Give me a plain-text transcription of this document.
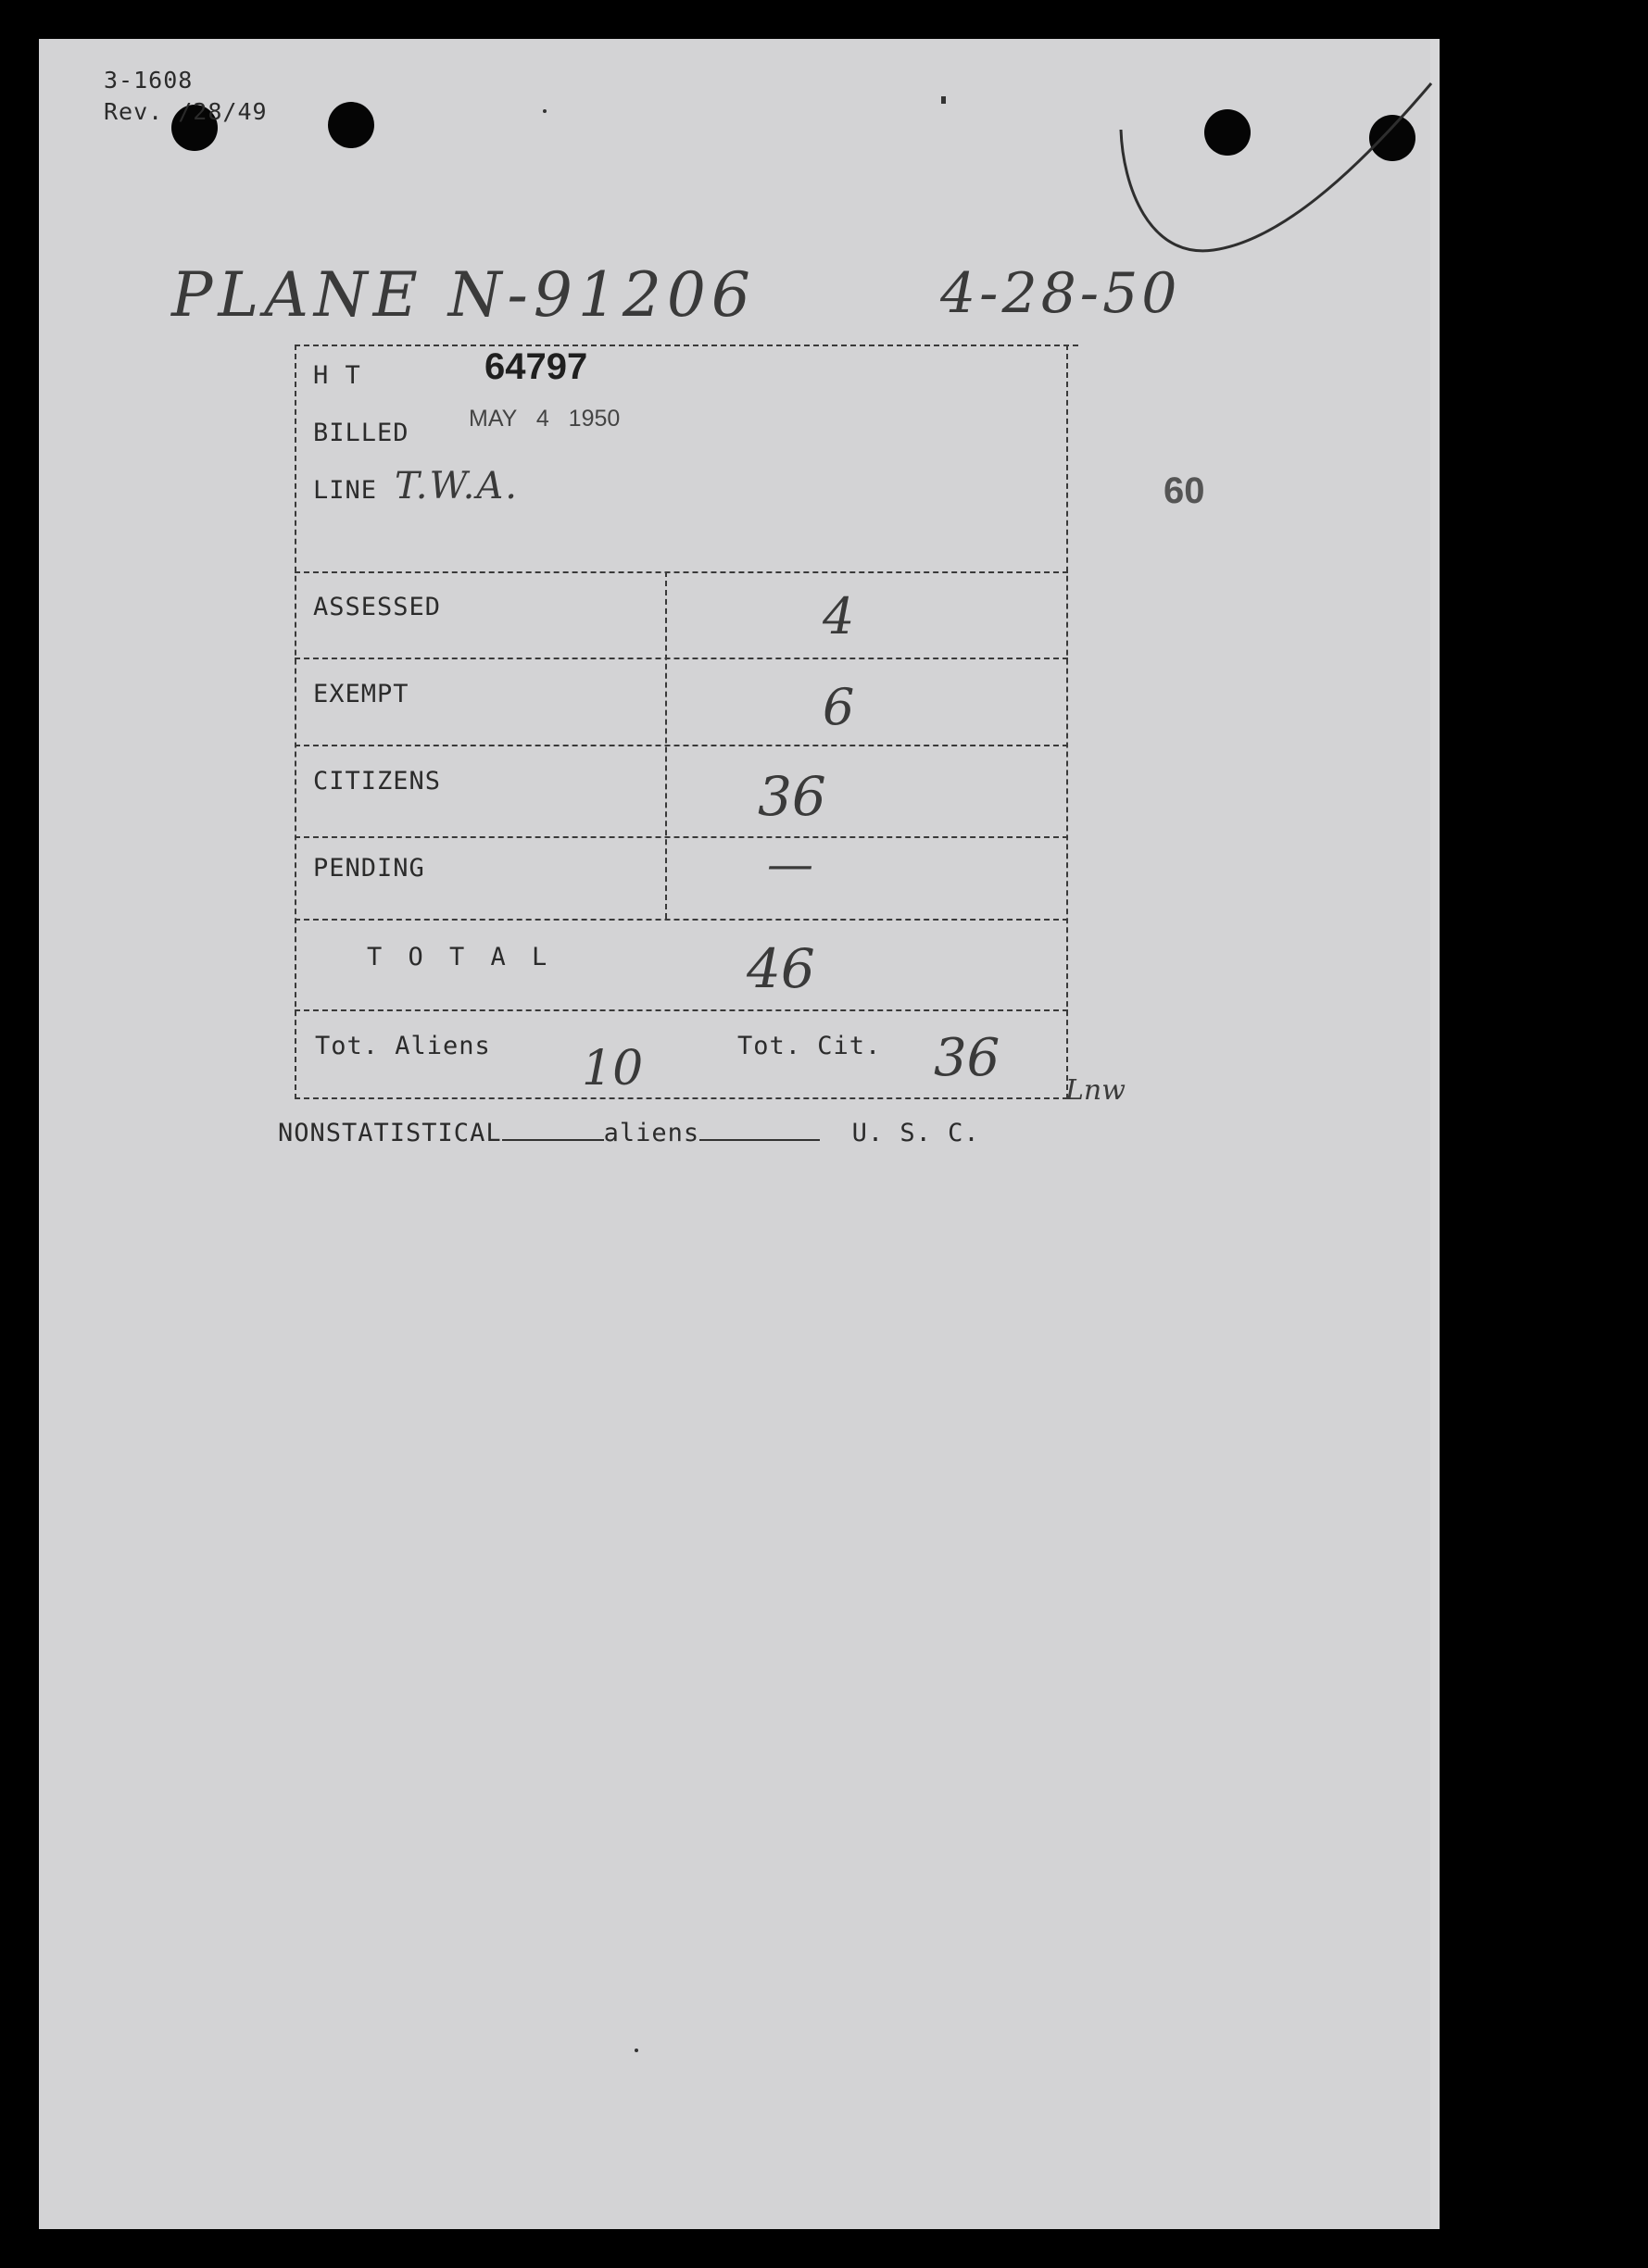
3-1608
Rev. /28/49
PLANE N-91206	4-28-50
60
H T	64797
BILLED	MAY 4 1950
LINE T.W.A.
ASSESSED	4
EXEMPT	6
CITIZENS	36
PENDING	—
T O T A L	46
Tot. Aliens 10	Tot. Cit. 36
Lnw
NONSTATISTICAL	aliens	U. S. C.
